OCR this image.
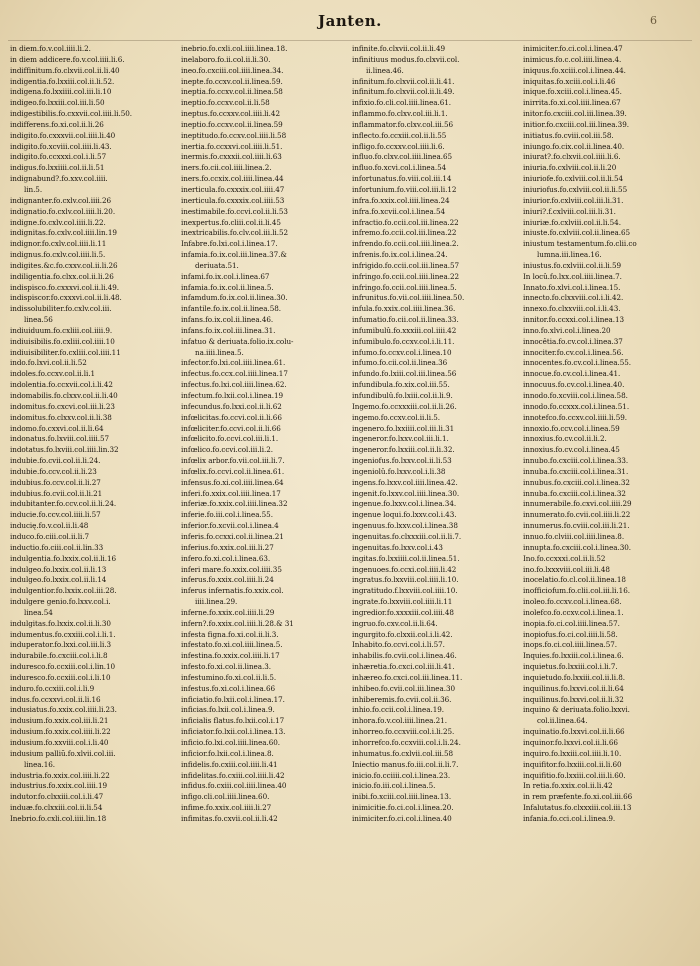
Janten.	6
in diem.fo.v.col.iiii.li.2.
in diem addicere.fo.v.col.iiii.li.6.
indiffinitum.fo.clxvii.col.ii.li.40
indigentia.fo.lxxiii.col.ii.li.52.
indigena.fo.lxxiiii.col.iii.li.10
indigeo.fo.lxxiii.col.iii.li.50
indigestibilis.fo.cxxvii.col.iiii.li.50.
indifferens.fo.xi.col.ii.li.26
indigito.fo.cxxxvii.col.iiii.li.40
indigito.fo.xcviii.col.iiii.li.43.
indigito.fo.ccxxxi.col.i.li.57
indigus.fo.lxxiiii.col.ii.li.51
indignabund?.fo.xxv.col.iiii.
lin.5.
indignanter.fo.cxlv.col.iiii.26
indignatio.fo.cxlv.col.iiii.li.20.
indigne.fo.cxlv.col.iiii.li.22.
indignitas.fo.cxlv.col.iiii.lin.19
indignor.fo.cxlv.col.iiii.li.11
indignus.fo.cxlv.col.iiii.li.5.
indigites.&c.fo.cxxv.col.ii.li.26
indiligentia.fo.clxx.col.ii.li.26
indispisco.fo.cxxxvi.col.ii.li.49.
indispiscor.fo.cxxxvi.col.ii.li.48.
indissolubiliter.fo.cxlv.col.iii.
linea.56
indiuiduum.fo.cxliii.col.iiii.9.
indiuisibilis.fo.cxliii.col.iiii.10
indiuisibiliter.fo.cxliii.col.iiii.11
indo.fo.lxvi.col.ii.li.52
indoles.fo.ccxv.col.ii.li.1
indolentia.fo.ccxvii.col.i.li.42
indomabilis.fo.clxxv.col.ii.li.40
indomitus.fo.cxcvi.col.iii.li.23
indomitus.fo.clxxv.col.ii.li.38
indomo.fo.cxxvi.col.ii.li.64
indonatus.fo.lxviii.col.iiii.57
indotatus.fo.lxviii.col.iiii.lin.32
indubie.fo.cvii.col.ii.li.24.
indubie.fo.ccv.col.ii.li.23
indubius.fo.ccv.col.ii.li.27
indubius.fo.cvii.col.ii.li.21
indubitanter.fo.ccv.col.ii.li.24.
inducie.fo.ccv.col.iiii.li.57
inducię.fo.v.col.ii.li.48
induco.fo.ciii.col.ii.li.7
inductio.fo.ciii.col.ii.lin.33
indulgentia.fo.lxxix.col.ii.li.16
indulgeo.fo.lxxix.col.ii.li.13
indulgeo.fo.lxxix.col.ii.li.14
indulgentior.fo.lxxix.col.iii.28.
indulgere genio.fo.lxxv.col.i.
linea.54
indulgitas.fo.lxxix.col.ii.li.30
indumentus.fo.cxxiii.col.i.li.1.
induperator.fo.lxxi.col.iii.li.3
indurabile.fo.cxciii.col.i.li.8
induresco.fo.ccxiii.col.i.lin.10
induresco.fo.ccxiii.col.i.li.10
induro.fo.ccxiii.col.i.li.9
indus.fo.ccxxvi.col.ii.li.16
indusiatus.fo.xxix.col.iiii.li.23.
indusium.fo.xxix.col.iii.li.21
indusium.fo.xxix.col.iiii.li.22
indusium.fo.xxviii.col.i.li.40
indusium palliũ.fo.xlvii.col.iii.
linea.16.
industria.fo.xxix.col.iiii.li.22
industrius.fo.xxix.col.iiii.19
indutor.fo.clxxiii.col.i.li.47
induæ.fo.clxxiii.col.ii.li.54
Inebrio.fo.cxli.col.iiii.lin.18
inebrio.fo.cxli.col.iiii.linea.18.
inelaboro.fo.ii.col.ii.li.30.
ineo.fo.cxciii.col.iiii.linea.34.
inepte.fo.ccxv.col.ii.linea.59.
ineptia.fo.ccxv.col.ii.linea.58
ineptio.fo.ccxv.col.ii.li.58
ineptus.fo.ccxxv.col.iiii.li.42
ineptio.fo.ccxv.col.ii.linea.59
ineptitudo.fo.ccxv.col.iiii.li.58
inertia.fo.ccxxvi.col.iiii.li.51.
inermis.fo.cxxxii.col.iiii.li.63
iners.fo.cii.col.iiii.linea.2.
iners.fo.ccxix.col.iiii.linea.44
inerticula.fo.cxxxix.col.iiii.47
inerticula.fo.cxxxix.col.iiii.53
inestimabile.fo.ccvi.col.ii.li.53
inexpertus.fo.cliii.col.ii.li.45
inextricabilis.fo.clv.col.iii.li.52
Infabre.fo.lxi.col.i.linea.17.
infamia.fo.ix.col.iii.linea.37.&
deriuata.51.
infami.fo.ix.col.i.linea.67
infamia.fo.ix.col.ii.linea.5.
infamdum.fo.ix.col.ii.linea.30.
infantile.fo.ix.col.ii.linea.58.
infans.fo.ix.col.ii.linea.46.
infans.fo.ix.col.iii.linea.31.
infatuo & deriuata.folio.ix.colu-
na.iiii.linea.5.
infector.fo.lxi.col.iiii.linea.61.
infectus.fo.ccx.col.iiii.linea.17
infectus.fo.lxi.col.iiii.linea.62.
infectum.fo.lxii.col.i.linea.19
infecundus.fo.lxxi.col.ii.li.62
infœlicitas.fo.ccvi.col.ii.li.66
infœliciter.fo.ccvi.col.ii.li.66
infœlicito.fo.ccvi.col.iii.li.1.
infœlico.fo.ccvi.col.iii.li.2.
infœlix arbor.fo.vii.col.iii.li.7.
infœlix.fo.ccvi.col.ii.linea.61.
infensus.fo.xi.col.iiii.linea.64
inferi.fo.xxix.col.iiii.linea.17
inferiæ.fo.xxix.col.iiii.linea.32
inferie.fo.iii.col.i.linea.55.
inferior.fo.xcvii.col.i.linea.4
inferis.fo.ccxxi.col.ii.linea.21
inferius.fo.xxix.col.iii.li.27
infero.fo.xi.col.i.linea.63.
inferi mare.fo.xxix.col.iiii.35
inferus.fo.xxix.col.iiii.li.24
inferus infernatis.fo.xxix.col.
iiii.linea.29.
inferne.fo.xxix.col.iiii.li.29
infern?.fo.xxix.col.iiii.li.28.& 31
infesta figna.fo.xi.col.ii.li.3.
infestato.fo.xi.col.iiii.linea.5.
infestina.fo.xxix.col.iiii.li.17
infesto.fo.xi.col.ii.linea.3.
infestumino.fo.xi.col.ii.li.5.
infestus.fo.xi.col.i.linea.66
inficiatio.fo.lxii.col.i.linea.17.
inficias.fo.lxii.col.i.linea.9.
inficialis flatus.fo.lxii.col.i.17
inficiator.fo.lxii.col.i.linea.13.
inficio.fo.lxi.col.iiii.linea.60.
inficior.fo.lxii.col.i.linea.8.
infidelis.fo.cxiii.col.iiii.li.41
infidelitas.fo.cxiii.col.iiii.li.42
infidus.fo.cxiii.col.iiii.linea.40
infigo.cli.col.iiii.linea.60.
infime.fo.xxix.col.iiii.li.27
infimitas.fo.cxvii.col.ii.li.42
infinite.fo.clxvii.col.ii.li.49
infinitiuus modus.fo.clxvii.col.
ii.linea.46.
infinitum.fo.clxvii.col.ii.li.41.
infinitum.fo.clxvii.col.ii.li.49.
infixio.fo.cli.col.iiii.linea.61.
inflammo.fo.clxv.col.iii.li.1.
inflammator.fo.clxv.col.iii.56
inflecto.fo.ccxiii.col.ii.li.55
infligo.fo.ccxxv.col.iiii.li.6.
influo.fo.clxv.col.iiii.linea.65
influo.fo.xcvi.col.i.linea.54
infortunatus.fo.viii.col.iii.14
infortunium.fo.viii.col.iii.li.12
infra.fo.xxix.col.iiii.linea.24
infra.fo.xcvii.col.i.linea.54
infractio.fo.ccii.col.iii.linea.22
infremo.fo.ccii.col.iii.linea.22
infrendo.fo.ccii.col.iiii.linea.2.
infrenis.fo.ix.col.i.linea.24.
infrigido.fo.ccii.col.iii.linea.57
infringo.fo.ccii.col.iiii.linea.22
infringo.fo.ccii.col.iiii.linea.5.
infrunitus.fo.vii.col.iiii.linea.50.
infula.fo.xxix.col.iiii.linea.36.
infumatio.fo.cii.col.ii.linea.33.
infumibulû.fo.xxxiii.col.iiii.42
infumibulo.fo.ccxv.col.i.li.11.
infumo.fo.ccxv.col.i.linea.10
infumo.fo.cii.col.ii.linea.36
infundo.fo.lxiii.col.iii.linea.56
infundibula.fo.xix.col.iii.55.
infundibulû.fo.lxiii.col.ii.li.9.
Ingemo.fo.ccxxxiii.col.ii.li.26.
ingemo.fo.ccxv.col.ii.li.5.
ingenero.fo.lxxiiii.col.iii.li.31
ingeneror.fo.lxxv.col.iii.li.1.
ingeneror.fo.lxxiii.col.ii.li.32.
ingeniofus.fo.lxxv.col.ii.li.53
ingeniolû.fo.lxxv.col.i.li.38
ingens.fo.lxxv.col.iiii.linea.42.
ingenit.fo.lxxv.col.iiii.linea.30.
ingenue.fo.lxxv.col.i.linea.34.
ingenue loqui.fo.lxxv.col.i.43.
ingenuus.fo.lxxv.col.i.linea.38
ingenuitas.fo.clxxxiii.col.ii.li.7.
ingenuitas.fo.lxxv.col.i.43
ingitas.fo.lxxiiii.col.ii.linea.51.
ingenuoes.fo.ccxi.col.iiii.li.42
ingratus.fo.lxxviii.col.iiii.li.10.
ingratitudo.f.lxxviii.col.iiii.10.
ingrate.fo.lxxviii.col.iiii.li.11
ingredior.fo.xxxxiii.col.iiii.48
ingruo.fo.cxv.col.ii.li.64.
ingurgito.fo.clxxii.col.i.li.42.
Inhabito.fo.ccvi.col.i.li.57.
inhabilis.fo.cvii.col.i.linea.46.
inhæretia.fo.cxci.col.iii.li.41.
inhæreo.fo.cxci.col.iii.linea.11.
inhibeo.fo.cvii.col.iii.linea.30
inhiberemis.fo.cvii.col.ii.36.
inhio.fo.ccii.col.i.linea.19.
inhora.fo.v.col.iiii.linea.21.
inhorreo.fo.ccxviii.col.i.li.25.
inhorrefco.fo.ccxviii.col.i.li.24.
inhumatus.fo.cxlvii.col.iii.58
Iniectio manus.fo.iii.col.ii.li.7.
inicio.fo.cciiii.col.i.linea.23.
inicio.fo.iii.col.i.linea.5.
inibi.fo.xciii.col.iiii.linea.13.
inimicitie.fo.ci.col.i.linea.20.
inimiciter.fo.ci.col.i.linea.40
inimiciter.fo.ci.col.i.linea.47
inimicus.fo.c.col.iiii.linea.4.
iniquus.fo.xciii.col.i.linea.44.
iniquitas.fo.xciii.col.i.li.46
inique.fo.xciii.col.i.linea.45.
inirrita.fo.xi.col.iiii.linea.67
initor.fo.cxciii.col.iii.linea.39.
initior.fo.cxciii.col.iii.linea.39.
initiatus.fo.cviii.col.iii.58.
iniungo.fo.cix.col.ii.linea.40.
iniurat?.fo.clxvii.col.iiii.li.6.
iniuria.fo.cxlviii.col.ii.li.20
iniuriofe.fo.cxlviii.col.ii.li.54
iniuriofus.fo.cxlviii.col.ii.li.55
iniurior.fo.cxlviii.col.iii.li.31.
iniuri?.f.cxlviii.col.iii.li.31.
iniuriæ.fo.cxlviii.col.ii.li.54.
iniuste.fo.cxlviii.col.ii.linea.65
iniustum testamentum.fo.clii.co
lumna.iii.linea.16.
iniustus.fo.cxlviii.col.ii.li.59
In locû.fo.lxx.col.iiii.linea.7.
Innato.fo.xlvi.col.i.linea.15.
innecto.fo.clxxviii.col.i.li.42.
innexo.fo.clxxviii.col.i.li.43.
innitor.fo.ccxxi.col.i.linea.13
inno.fo.xlvi.col.i.linea.20
innocêtia.fo.cv.col.i.linea.37
innociter.fo.cv.col.i.linea.56.
innocentes.fo.cv.col.i.linea.55.
innocue.fo.cv.col.i.linea.41.
innocuus.fo.cv.col.i.linea.40.
innodo.fo.xcviii.col.i.linea.58.
innodo.fo.ccxxx.col.i.linea.51.
innotefco.fo.ccxv.col.iiii.li.59.
innoxio.fo.ccv.col.i.linea.59
innoxius.fo.cv.col.ii.li.2.
innoxius.fo.cv.col.i.linea.45
innubo.fo.cxciii.col.i.linea.33.
innuba.fo.cxciii.col.i.linea.31.
innubus.fo.cxciii.col.i.linea.32
innuba.fo.cxciii.col.i.linea.32
innumerabile.fo.cxvi.col.iiii.29
innumerato.fo.cvii.col.iiii.li.22
innumerus.fo.cviii.col.iii.li.21.
innuo.fo.clviii.col.iiii.linea.8.
innupta.fo.cxciii.col.i.linea.30.
Ino.fo.ccxxxi.col.ii.li.52
ino.fo.lxxxviii.col.iii.li.48
inocelatio.fo.cl.col.ii.linea.18
inofficiofum.fo.clii.col.iii.li.16.
inoleo.fo.ccxv.col.i.linea.68.
inolefco.fo.ccxv.col.i.linea.1.
inopia.fo.ci.col.iiii.linea.57.
inopiofus.fo.ci.col.iiii.li.58.
inops.fo.ci.col.iiii.linea.57.
Inquies.fo.lxxiii.col.i.linea.6.
inquietus.fo.lxxiii.col.i.li.7.
inquietudo.fo.lxxiii.col.ii.li.8.
inquilinus.fo.lxxvi.col.ii.li.64
inquilinus.fo.lxxvi.col.ii.li.32
inquino & deriuata.folio.lxxvi.
col.ii.linea.64.
inquinatio.fo.lxxvi.col.ii.li.66
inquinor.fo.lxxvi.col.ii.li.66
inquiro.fo.lxxiii.col.iiii.li.10.
inquifitor.fo.lxxiii.col.ii.li.60
inquifitio.fo.lxxiii.col.iii.li.60.
In retia.fo.xxix.col.ii.li.42
in rem præfente.fo.xi.col.iii.66
Infalutatus.fo.clxxxiii.col.iii.13
infania.fo.cci.col.i.linea.9.
